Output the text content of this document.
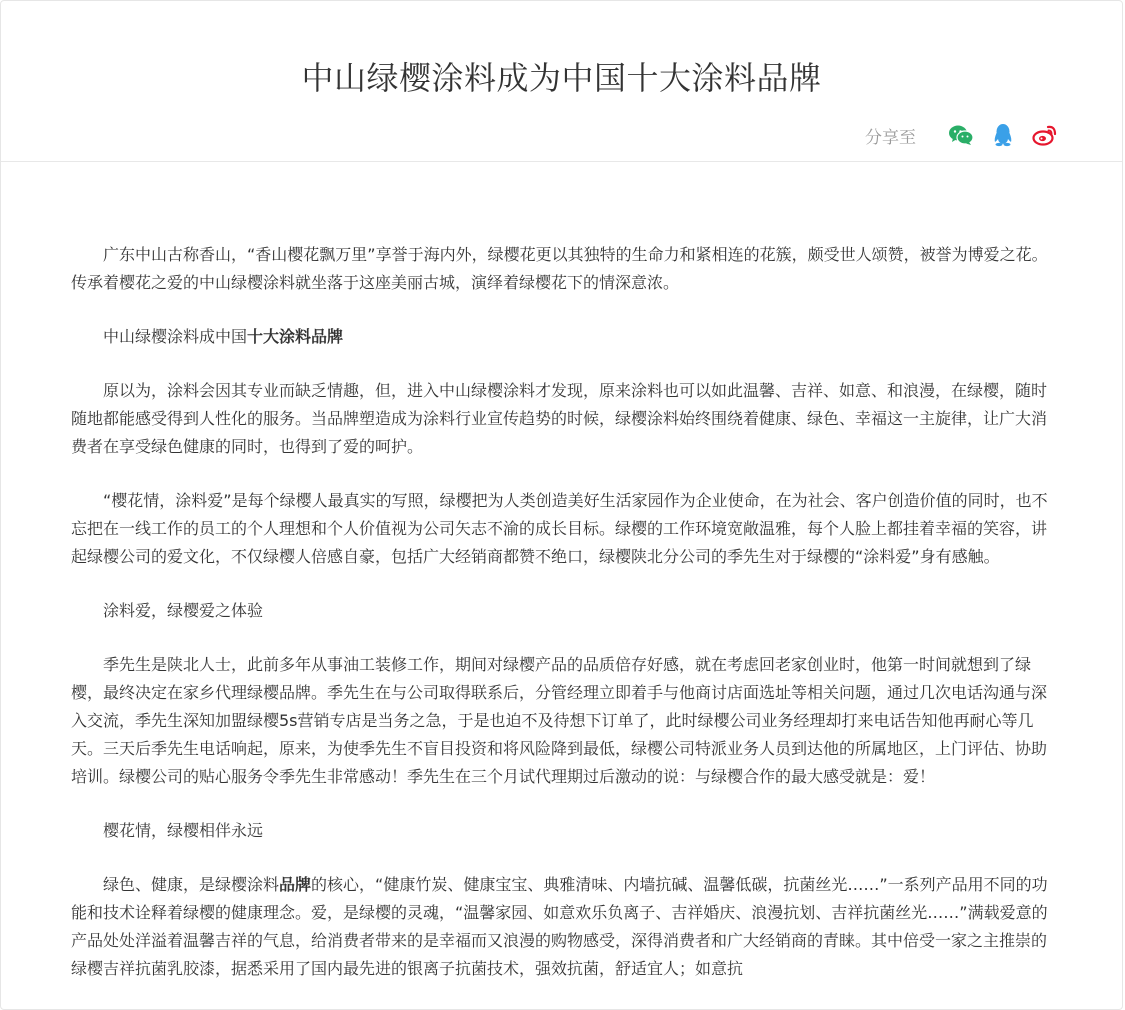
中山绿樱涂料成为中国十大涂料品牌
分享至

广东中山古称香山，“香山樱花飘万里”享誉于海内外，绿樱花更以其独特的生命力和紧相连的花簇，颇受世人颂赞，被誉为博爱之花。传承着樱花之爱的中山绿樱涂料就坐落于这座美丽古城，演绎着绿樱花下的情深意浓。

中山绿樱涂料成中国十大涂料品牌

原以为，涂料会因其专业而缺乏情趣，但，进入中山绿樱涂料才发现，原来涂料也可以如此温馨、吉祥、如意、和浪漫，在绿樱，随时随地都能感受得到人性化的服务。当品牌塑造成为涂料行业宣传趋势的时候，绿樱涂料始终围绕着健康、绿色、幸福这一主旋律，让广大消费者在享受绿色健康的同时，也得到了爱的呵护。

“樱花情，涂料爱”是每个绿樱人最真实的写照，绿樱把为人类创造美好生活家园作为企业使命，在为社会、客户创造价值的同时，也不忘把在一线工作的员工的个人理想和个人价值视为公司矢志不渝的成长目标。绿樱的工作环境宽敞温雅，每个人脸上都挂着幸福的笑容，讲起绿樱公司的爱文化，不仅绿樱人倍感自豪，包括广大经销商都赞不绝口，绿樱陕北分公司的季先生对于绿樱的“涂料爱”身有感触。

涂料爱，绿樱爱之体验

季先生是陕北人士，此前多年从事油工装修工作，期间对绿樱产品的品质倍存好感，就在考虑回老家创业时，他第一时间就想到了绿樱，最终决定在家乡代理绿樱品牌。季先生在与公司取得联系后，分管经理立即着手与他商讨店面选址等相关问题，通过几次电话沟通与深入交流，季先生深知加盟绿樱5s营销专店是当务之急，于是也迫不及待想下订单了，此时绿樱公司业务经理却打来电话告知他再耐心等几天。三天后季先生电话响起，原来，为使季先生不盲目投资和将风险降到最低，绿樱公司特派业务人员到达他的所属地区，上门评估、协助培训。绿樱公司的贴心服务令季先生非常感动！季先生在三个月试代理期过后激动的说：与绿樱合作的最大感受就是：爱！

樱花情，绿樱相伴永远

绿色、健康，是绿樱涂料品牌的核心，“健康竹炭、健康宝宝、典雅清味、内墙抗碱、温馨低碳，抗菌丝光……”一系列产品用不同的功能和技术诠释着绿樱的健康理念。爱，是绿樱的灵魂，“温馨家园、如意欢乐负离子、吉祥婚庆、浪漫抗划、吉祥抗菌丝光……”满载爱意的产品处处洋溢着温馨吉祥的气息，给消费者带来的是幸福而又浪漫的购物感受，深得消费者和广大经销商的青睐。其中倍受一家之主推崇的绿樱吉祥抗菌乳胶漆，据悉采用了国内最先进的银离子抗菌技术，强效抗菌，舒适宜人；如意抗
